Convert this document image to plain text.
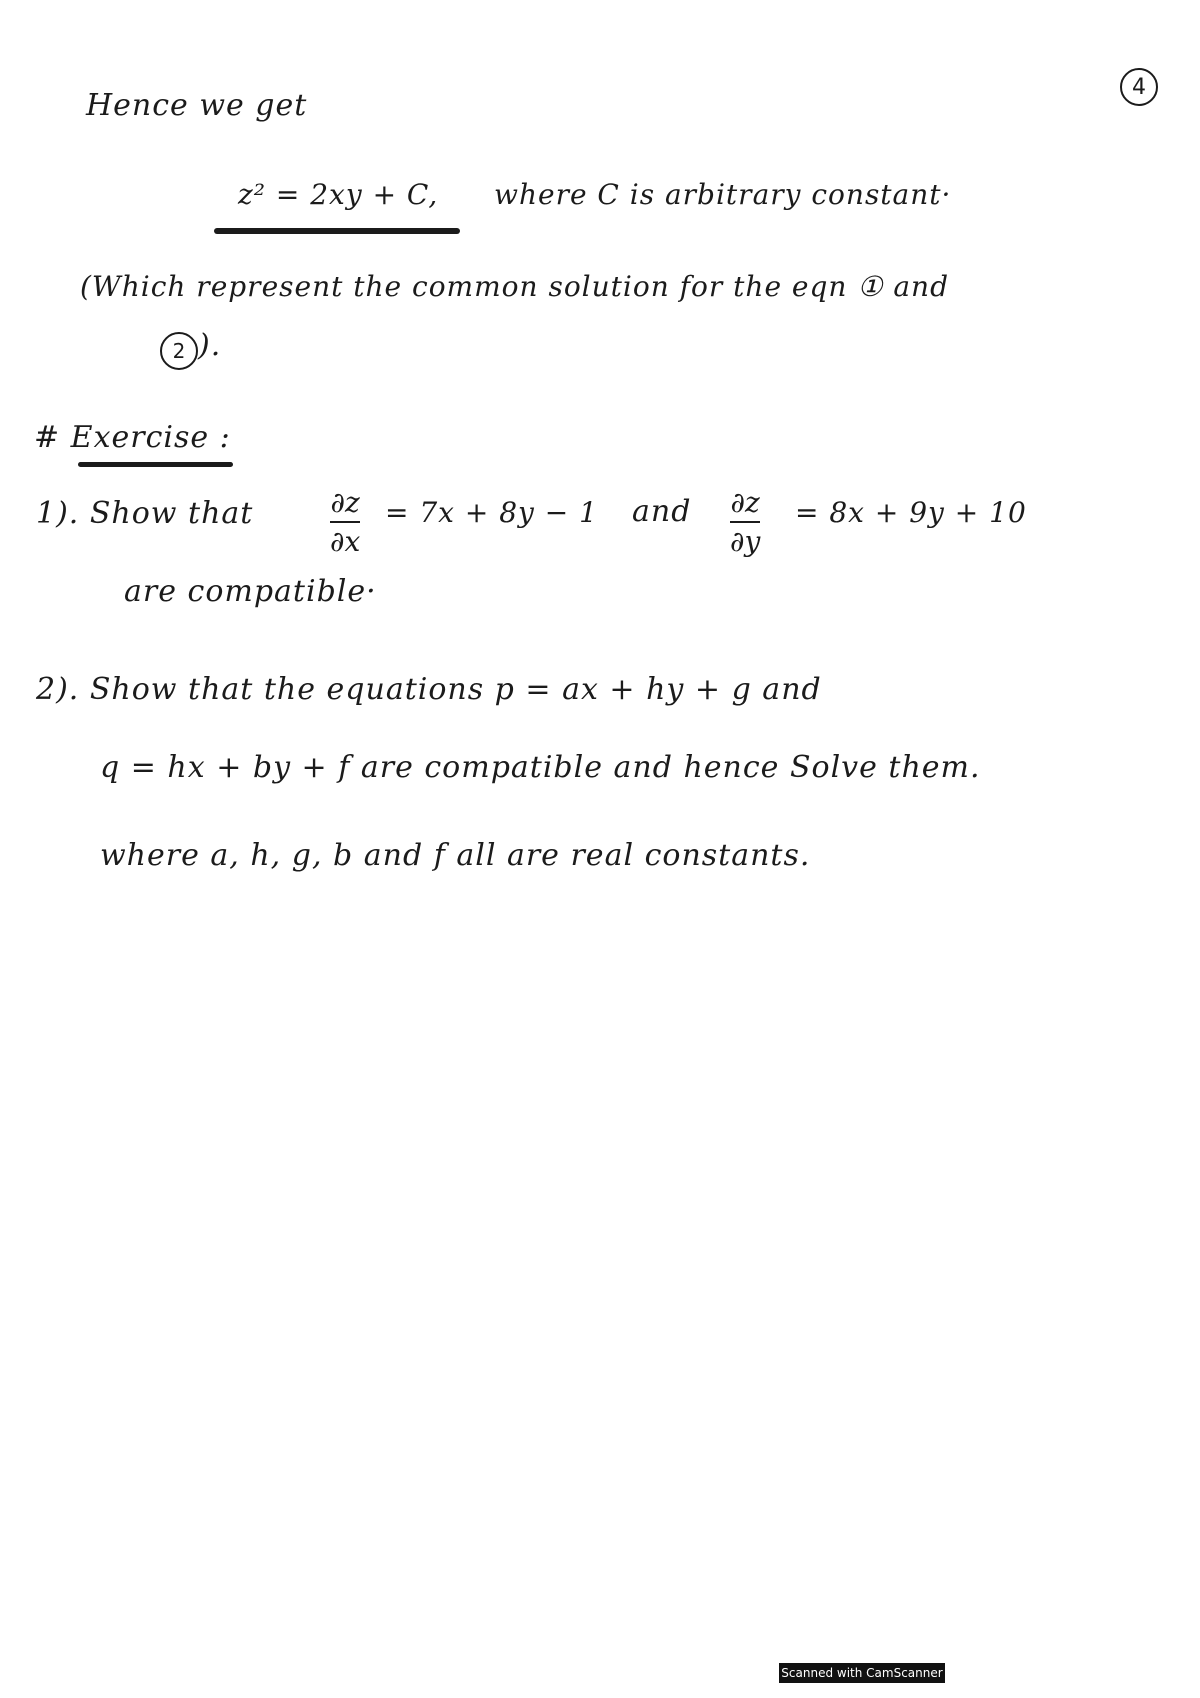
4
Hence we get
z² = 2xy + C, where C is arbitrary constant·
(Which represent the common solution for the eqn ① and
2 ).
# Exercise :
1). Show that	∂z
∂x
= 7x + 8y − 1 and ∂z
∂y
= 8x + 9y + 10
are compatible·
2). Show that the equations p = ax + hy + g and
q = hx + by + f are compatible and hence Solve them.
where a, h, g, b and f all are real constants.
Scanned with CamScanner
